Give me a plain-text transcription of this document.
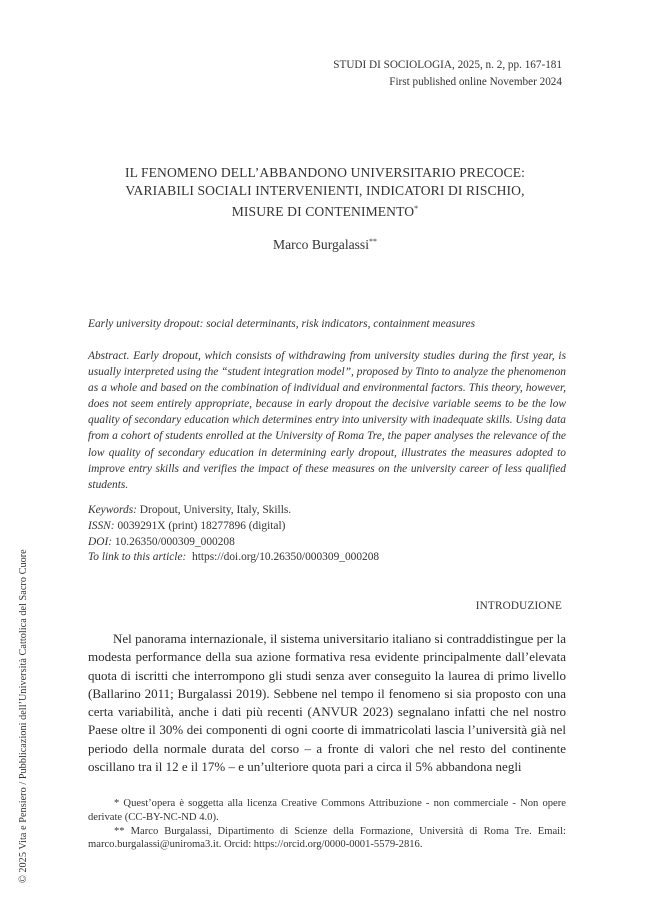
STUDI DI SOCIOLOGIA, 2025, n. 2, pp. 167-181
First published online November 2024
IL FENOMENO DELL’ABBANDONO UNIVERSITARIO PRECOCE:
VARIABILI SOCIALI INTERVENIENTI, INDICATORI DI RISCHIO,
MISURE DI CONTENIMENTO*
Marco Burgalassi**
Early university dropout: social determinants, risk indicators, containment measures
Abstract. Early dropout, which consists of withdrawing from university studies during the first year, is usually interpreted using the “student integration model”, proposed by Tinto to analyze the phenomenon as a whole and based on the combination of individual and environmental factors. This theory, however, does not seem entirely appropriate, because in early dropout the decisive variable seems to be the low quality of secondary education which determines entry into university with inadequate skills. Using data from a cohort of students enrolled at the University of Roma Tre, the paper analyses the relevance of the low quality of secondary education in determining early dropout, illustrates the measures adopted to improve entry skills and verifies the impact of these measures on the university career of less qualified students.
Keywords: Dropout, University, Italy, Skills.
ISSN: 0039291X (print) 18277896 (digital)
DOI: 10.26350/000309_000208
To link to this article: https://doi.org/10.26350/000309_000208
INTRODUZIONE

Nel panorama internazionale, il sistema universitario italiano si contraddistingue per la modesta performance della sua azione formativa resa evidente principalmente dall’elevata quota di iscritti che interrompono gli studi senza aver conseguito la laurea di primo livello (Ballarino 2011; Burgalassi 2019). Sebbene nel tempo il fenomeno si sia proposto con una certa variabilità, anche i dati più recenti (ANVUR 2023) segnalano infatti che nel nostro Paese oltre il 30% dei componenti di ogni coorte di immatricolati lascia l’università già nel periodo della normale durata del corso – a fronte di valori che nel resto del continente oscillano tra il 12 e il 17% – e un’ulteriore quota pari a circa il 5% abbandona negli

* Quest’opera è soggetta alla licenza Creative Commons Attribuzione - non commerciale - Non opere derivate (CC-BY-NC-ND 4.0).

** Marco Burgalassi, Dipartimento di Scienze della Formazione, Università di Roma Tre. Email: marco.burgalassi@uniroma3.it. Orcid: https://orcid.org/0000-0001-5579-2816.

© 2025 Vita e Pensiero / Pubblicazioni dell’Università Cattolica del Sacro Cuore
